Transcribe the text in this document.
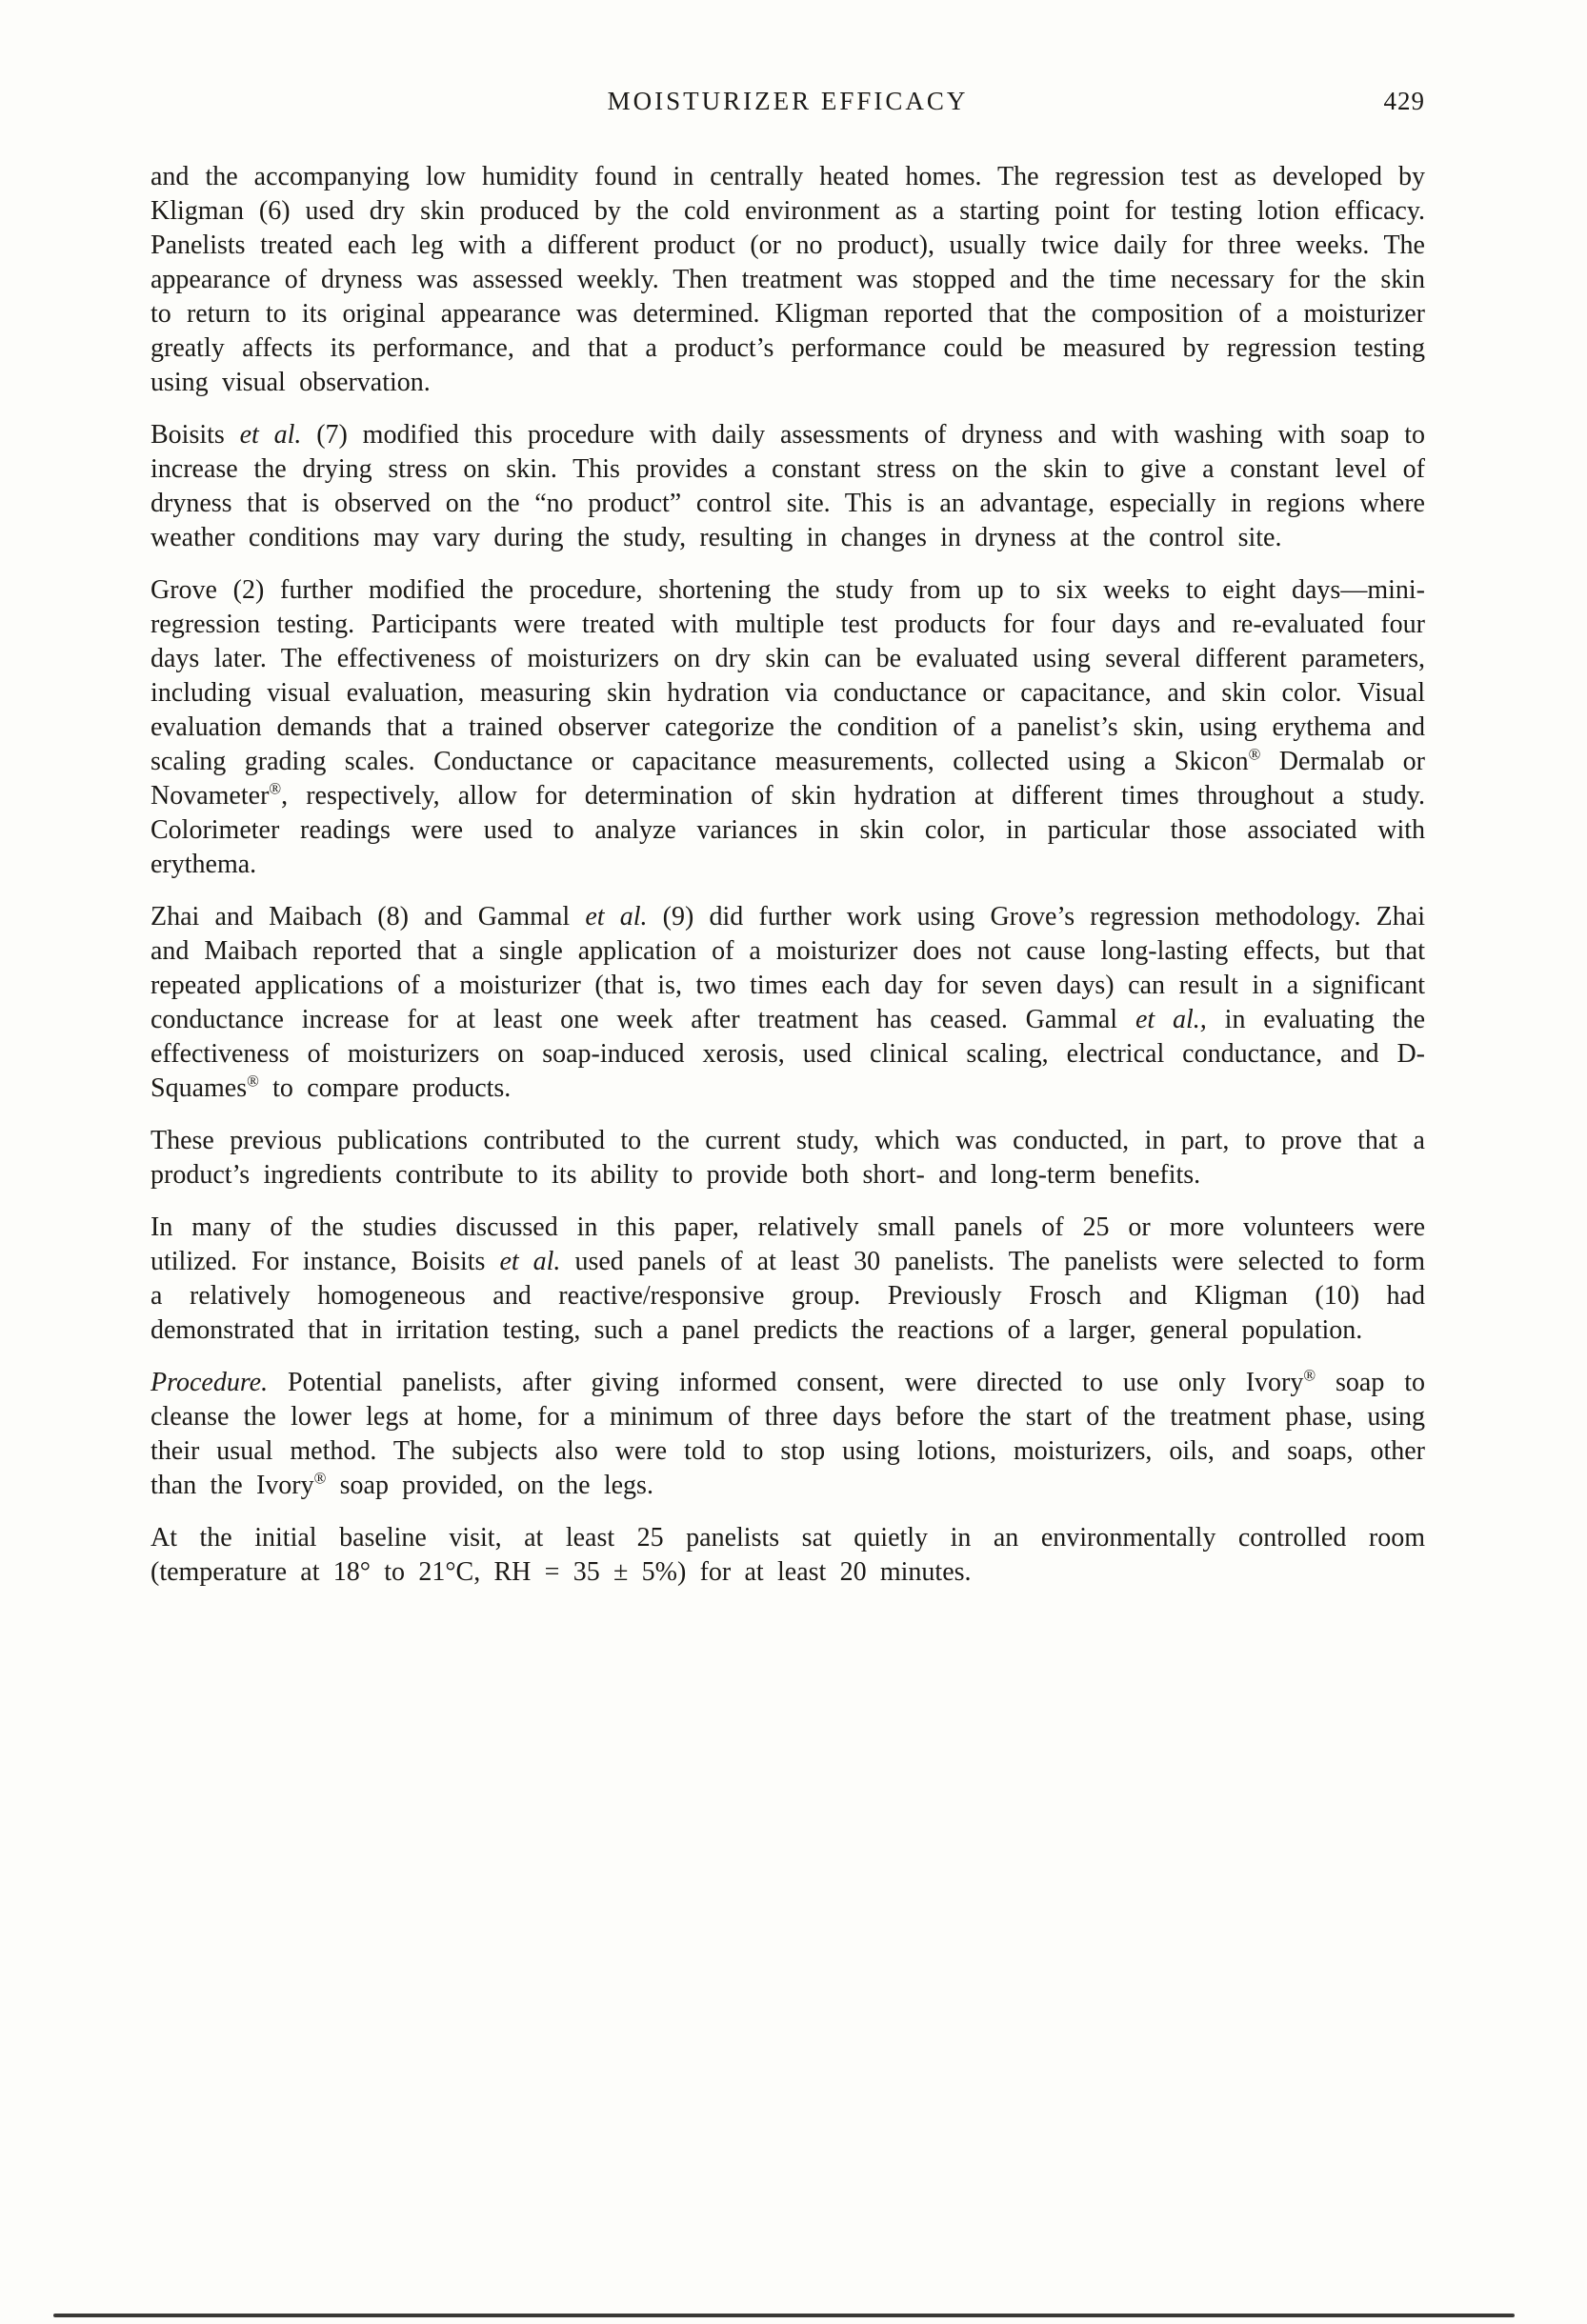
MOISTURIZER EFFICACY	429

and the accompanying low humidity found in centrally heated homes. The regression test as developed by Kligman (6) used dry skin produced by the cold environment as a starting point for testing lotion efficacy. Panelists treated each leg with a different product (or no product), usually twice daily for three weeks. The appearance of dryness was assessed weekly. Then treatment was stopped and the time necessary for the skin to return to its original appearance was determined. Kligman reported that the composition of a moisturizer greatly affects its performance, and that a product’s performance could be measured by regression testing using visual observation.

Boisits et al. (7) modified this procedure with daily assessments of dryness and with washing with soap to increase the drying stress on skin. This provides a constant stress on the skin to give a constant level of dryness that is observed on the “no product” control site. This is an advantage, especially in regions where weather conditions may vary during the study, resulting in changes in dryness at the control site.

Grove (2) further modified the procedure, shortening the study from up to six weeks to eight days—mini-regression testing. Participants were treated with multiple test products for four days and re-evaluated four days later. The effectiveness of moisturizers on dry skin can be evaluated using several different parameters, including visual evaluation, measuring skin hydration via conductance or capacitance, and skin color. Visual evaluation demands that a trained observer categorize the condition of a panelist’s skin, using erythema and scaling grading scales. Conductance or capacitance measurements, collected using a Skicon® Dermalab or Novameter®, respectively, allow for determination of skin hydration at different times throughout a study. Colorimeter readings were used to analyze variances in skin color, in particular those associated with erythema.

Zhai and Maibach (8) and Gammal et al. (9) did further work using Grove’s regression methodology. Zhai and Maibach reported that a single application of a moisturizer does not cause long-lasting effects, but that repeated applications of a moisturizer (that is, two times each day for seven days) can result in a significant conductance increase for at least one week after treatment has ceased. Gammal et al., in evaluating the effectiveness of moisturizers on soap-induced xerosis, used clinical scaling, electrical conductance, and D-Squames® to compare products.

These previous publications contributed to the current study, which was conducted, in part, to prove that a product’s ingredients contribute to its ability to provide both short- and long-term benefits.

In many of the studies discussed in this paper, relatively small panels of 25 or more volunteers were utilized. For instance, Boisits et al. used panels of at least 30 panelists. The panelists were selected to form a relatively homogeneous and reactive/responsive group. Previously Frosch and Kligman (10) had demonstrated that in irritation testing, such a panel predicts the reactions of a larger, general population.

Procedure. Potential panelists, after giving informed consent, were directed to use only Ivory® soap to cleanse the lower legs at home, for a minimum of three days before the start of the treatment phase, using their usual method. The subjects also were told to stop using lotions, moisturizers, oils, and soaps, other than the Ivory® soap provided, on the legs.

At the initial baseline visit, at least 25 panelists sat quietly in an environmentally controlled room (temperature at 18° to 21°C, RH = 35 ± 5%) for at least 20 minutes.
